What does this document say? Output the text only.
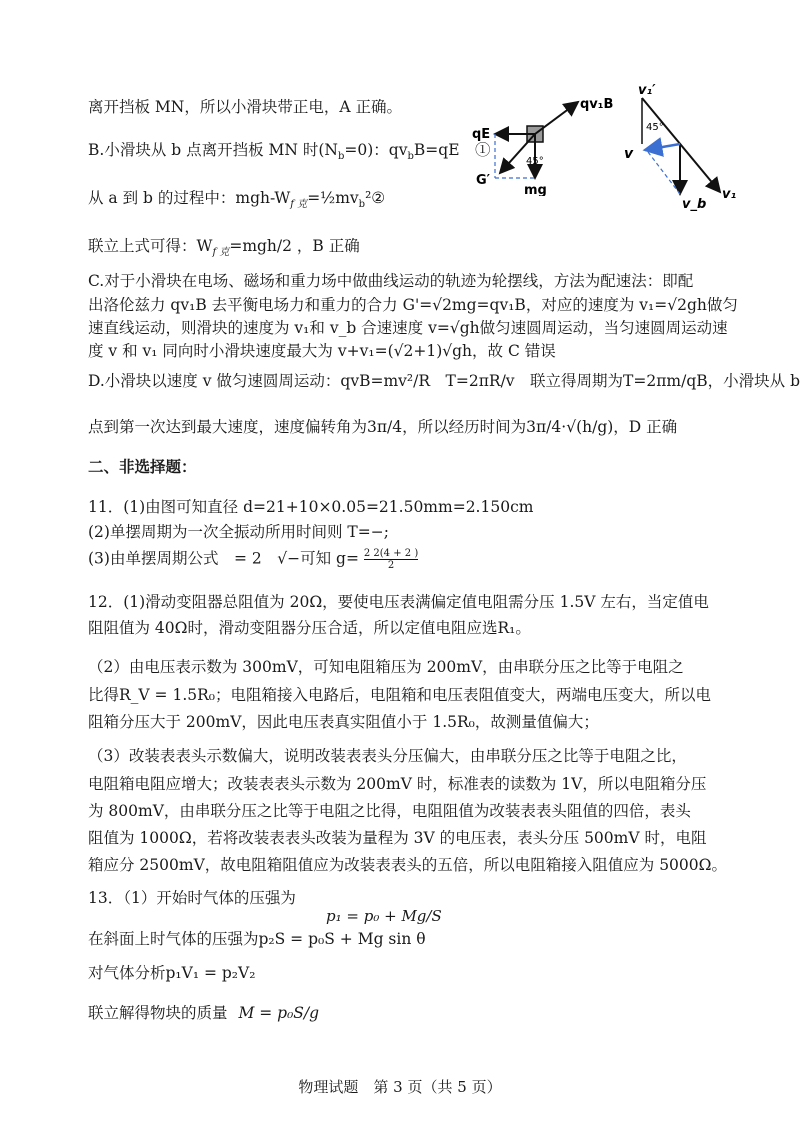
qv₁B
qE
45°
G′
mg
v₁′
45°
v
v_b
v₁
离开挡板 MN，所以小滑块带正电，A 正确。
B.小滑块从 b 点离开挡板 MN 时$(N_b=0)$：$qv_bB=qE$　①
从 a 到 b 的过程中：mgh-$W_{f 克}=\frac{1}{2}mv_b^2②$
联立上式可得：$W_{f 克}=mgh/2$ ，B 正确
C.对于小滑块在电场、磁场和重力场中做曲线运动的轨迹为轮摆线，方法为配速法：即配
出洛伦兹力 qv₁B 去平衡电场力和重力的合力 G'=√2mg=qv₁B，对应的速度为 v₁=√2gh做匀
速直线运动，则滑块的速度为 v₁和 v_b 合速速度 v=√gh做匀速圆周运动，当匀速圆周运动速
度 v 和 v₁ 同向时小滑块速度最大为 v+v₁=(√2+1)√gh，故 C 错误
D.小滑块以速度 v 做匀速圆周运动：qvB=mv²/R　T=2πR/v　联立得周期为T=2πm/qB，小滑块从 b
点到第一次达到最大速度，速度偏转角为3π/4，所以经历时间为3π/4·√(h/g)，D 正确
二、非选择题：
11．(1)由图可知直径 d=21+10×0.05=21.50mm=2.150cm
(2)单摆周期为一次全振动所用时间则 T=−;
(3)由单摆周期公式　= 2　√−可知 $g= \frac{2 2(4 + 2 )}{2}$
12．(1)滑动变阻器总阻值为 20Ω，要使电压表满偏定值电阻需分压 1.5V 左右，当定值电
阻阻值为 40Ω时，滑动变阻器分压合适，所以定值电阻应选R₁。
（2）由电压表示数为 300mV，可知电阻箱压为 200mV，由串联分压之比等于电阻之
比得R_V = 1.5R₀；电阻箱接入电路后，电阻箱和电压表阻值变大，两端电压变大，所以电
阻箱分压大于 200mV，因此电压表真实阻值小于 1.5R₀，故测量值偏大；
（3）改装表表头示数偏大，说明改装表表头分压偏大，由串联分压之比等于电阻之比，
电阻箱电阻应增大；改装表表头示数为 200mV 时，标准表的读数为 1V，所以电阻箱分压
为 800mV，由串联分压之比等于电阻之比得，电阻阻值为改装表表头阻值的四倍，表头
阻值为 1000Ω，若将改装表表头改装为量程为 3V 的电压表，表头分压 500mV 时，电阻
箱应分 2500mV，故电阻箱阻值应为改装表表头的五倍，所以电阻箱接入阻值应为 5000Ω。
13．（1）开始时气体的压强为
p₁ = p₀ + Mg/S
在斜面上时气体的压强为p₂S = p₀S + Mg sin θ
对气体分析p₁V₁ = p₂V₂
联立解得物块的质量 M = p₀S/g
物理试题　第 3 页（共 5 页）
